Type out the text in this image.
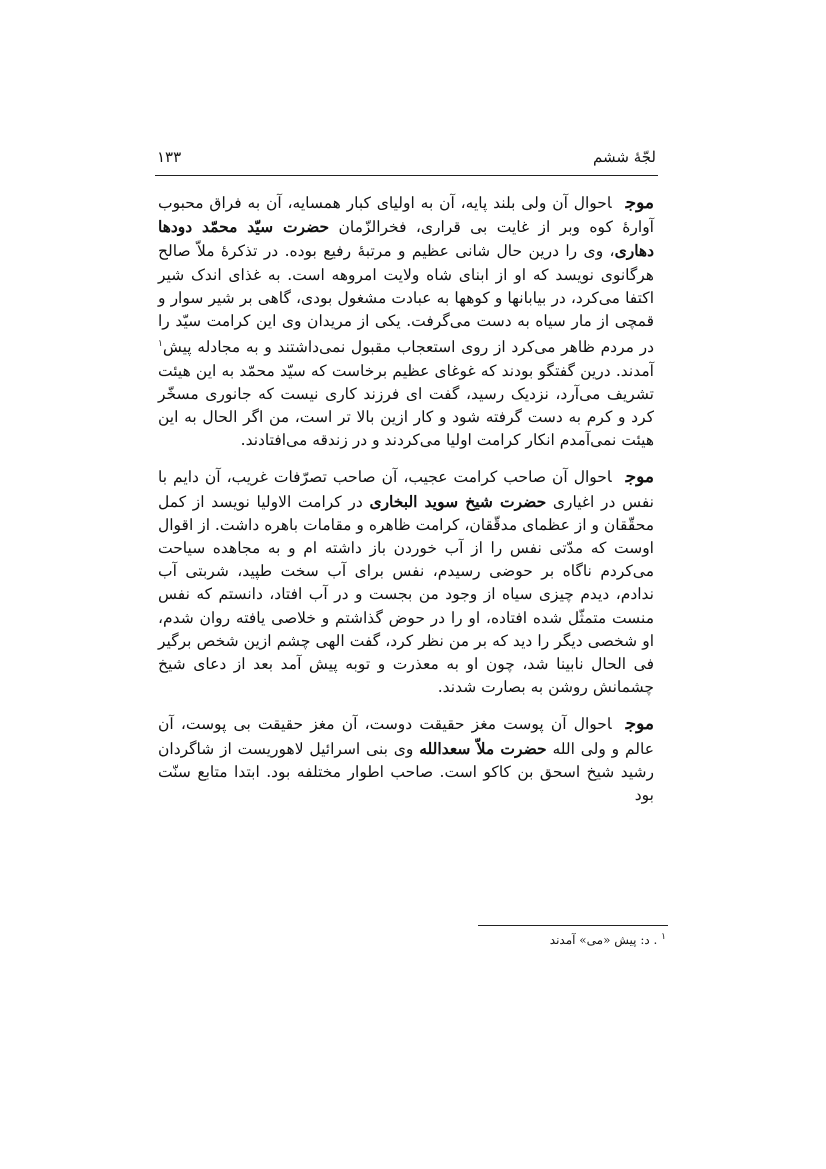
لجّهٔ ششم
۱۳۳

موجاحوال آن ولی بلند پایه، آن به اولیای کبار همسایه، آن به فراق محبوب آوارهٔ کوه وبر از غایت بی قراری، فخرالزّمان حضرت سیّد محمّد دودها دهاری، وی را درین حال شانی عظیم و مرتبهٔ رفیع بوده. در تذکرهٔ ملاّ صالح هرگانوی نویسد که او از ابنای شاه ولایت امروهه است. به غذای اندک شیر اکتفا می‌کرد، در بیابانها و کوهها به عبادت مشغول بودی، گاهی بر شیر سوار و قمچی از مار سیاه به دست می‌گرفت. یکی از مریدان وی این کرامت سیّد را در مردم ظاهر می‌کرد از روی استعجاب مقبول نمی‌داشتند و به مجادله پیش$^۱$ آمدند. درین گفتگو بودند که غوغای عظیم برخاست که سیّد محمّد به این هیئت تشریف می‌آرد، نزدیک رسید، گفت ای فرزند کاری نیست که جانوری مسخّر کرد و کرم به دست گرفته شود و کار ازین بالا تر است، من اگر الحال به این هیئت نمی‌آمدم انکار کرامت اولیا می‌کردند و در زندقه می‌افتادند.

موجاحوال آن صاحب کرامت عجیب، آن صاحب تصرّفات غریب، آن دایم با نفس در اغیاری حضرت شیخ سوید البخاری در کرامت الاولیا نویسد از کمل محقّقان و از عظمای مدقّقان، کرامت ظاهره و مقامات باهره داشت. از اقوال اوست که مدّتی نفس را از آب خوردن باز داشته ام و به مجاهده سیاحت می‌کردم ناگاه بر حوضی رسیدم، نفس برای آب سخت طپید، شربتی آب ندادم، دیدم چیزی سیاه از وجود من بجست و در آب افتاد، دانستم که نفس منست متمثّل شده افتاده، او را در حوض گذاشتم و خلاصی یافته روان شدم، او شخصی دیگر را دید که بر من نظر کرد، گفت الهی چشم ازین شخص برگیر فی الحال نابینا شد، چون او به معذرت و توبه پیش آمد بعد از دعای شیخ چشمانش روشن به بصارت شدند.

موجاحوال آن پوست مغز حقیقت دوست، آن مغز حقیقت بی پوست، آن عالم و ولی الله حضرت ملاّ سعدالله وی بنی اسرائیل لاهوریست از شاگردان رشید شیخ اسحق بن کاکو است. صاحب اطوار مختلفه بود. ابتدا متابع سنّت بود

$^۱$ . د: پیش «می» آمدند
